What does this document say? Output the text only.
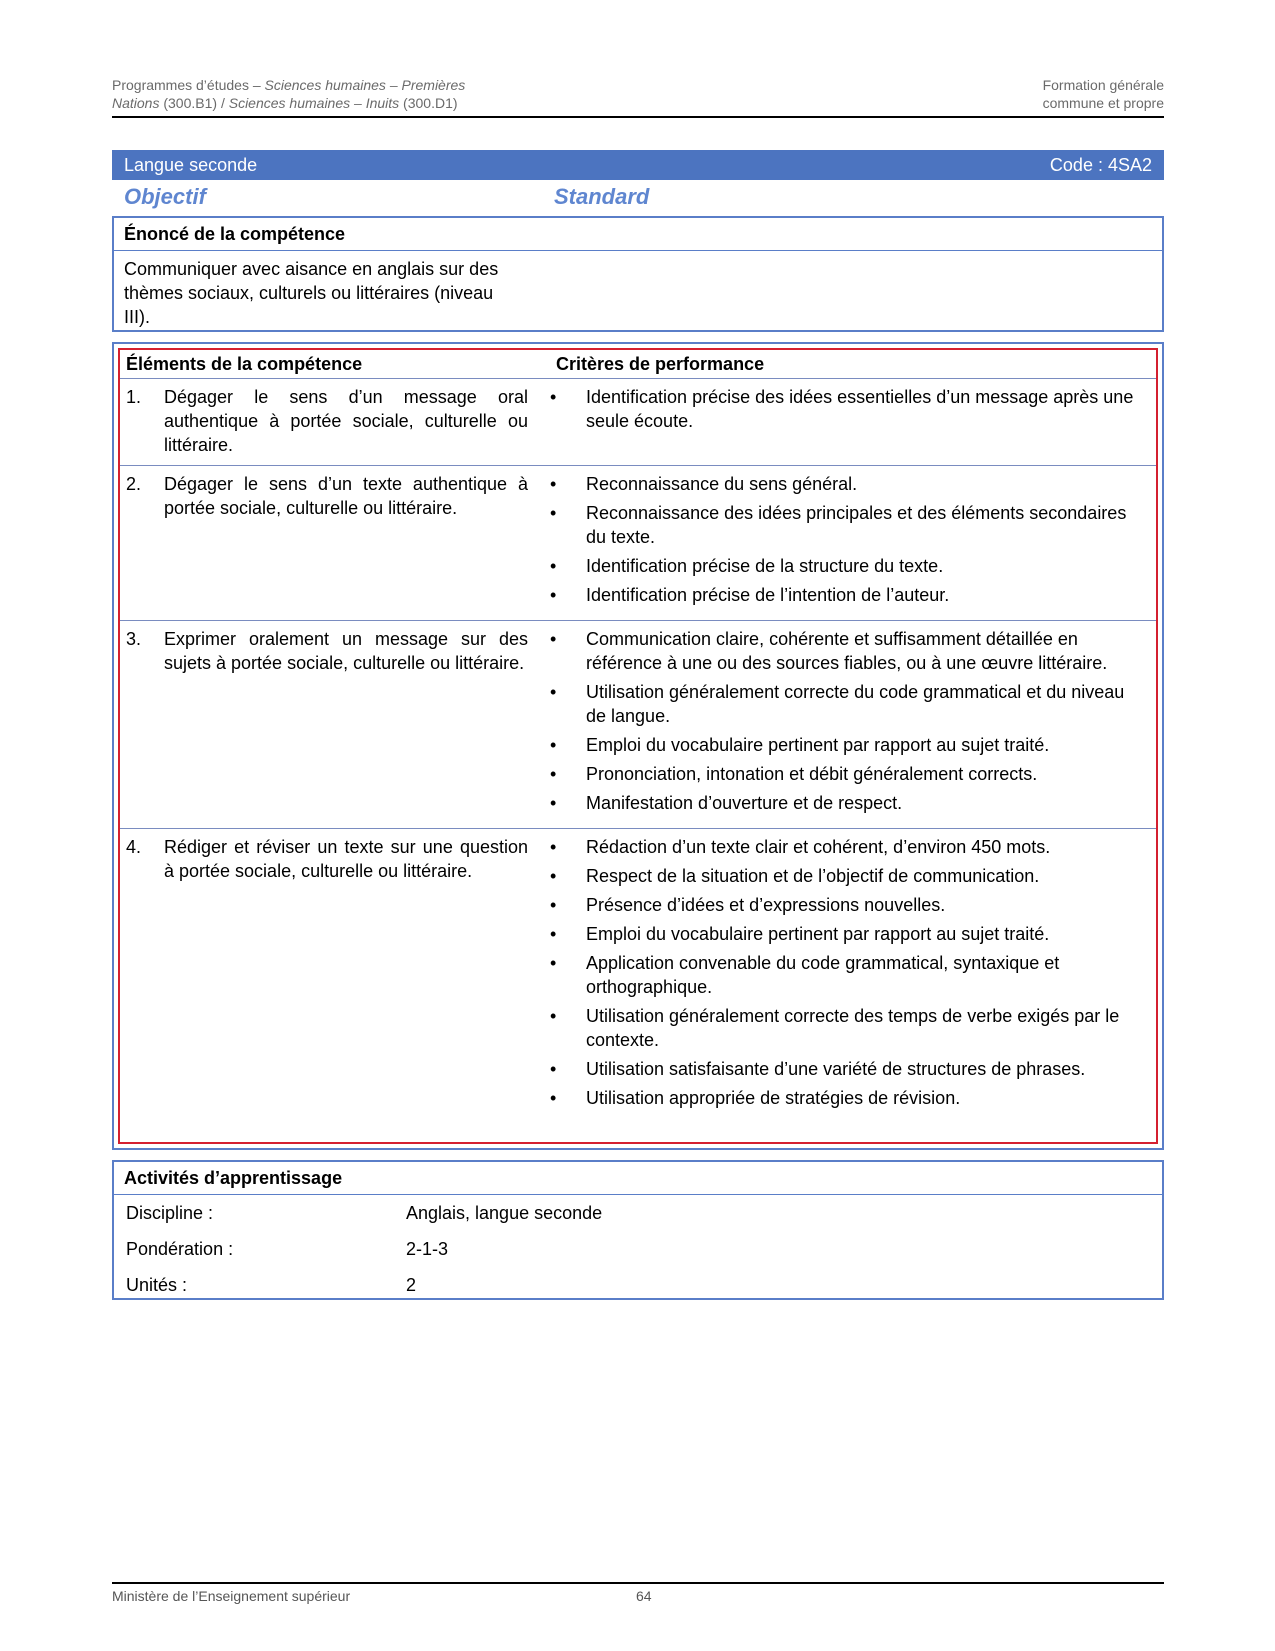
Programmes d’études – Sciences humaines – Premières	Formation générale
Nations (300.B1) / Sciences humaines – Inuits (300.D1)	commune et propre
Langue seconde	Code : 4SA2
Objectif	Standard
Énoncé de la compétence
Communiquer avec aisance en anglais sur des thèmes sociaux, culturels ou littéraires (niveau III).
Éléments de la compétence	Critères de performance
1.	Dégager le sens d’un message oral authentique à portée sociale, culturelle ou littéraire.
•	Identification précise des idées essentielles d’un message après une seule écoute.
2.	Dégager le sens d’un texte authentique à portée sociale, culturelle ou littéraire.
•	Reconnaissance du sens général.
•	Reconnaissance des idées principales et des éléments secondaires du texte.
•	Identification précise de la structure du texte.
•	Identification précise de l’intention de l’auteur.
3.	Exprimer oralement un message sur des sujets à portée sociale, culturelle ou littéraire.
•	Communication claire, cohérente et suffisamment détaillée en référence à une ou des sources fiables, ou à une œuvre littéraire.
•	Utilisation généralement correcte du code grammatical et du niveau de langue.
•	Emploi du vocabulaire pertinent par rapport au sujet traité.
•	Prononciation, intonation et débit généralement corrects.
•	Manifestation d’ouverture et de respect.
4.	Rédiger et réviser un texte sur une question à portée sociale, culturelle ou littéraire.
•	Rédaction d’un texte clair et cohérent, d’environ 450 mots.
•	Respect de la situation et de l’objectif de communication.
•	Présence d’idées et d’expressions nouvelles.
•	Emploi du vocabulaire pertinent par rapport au sujet traité.
•	Application convenable du code grammatical, syntaxique et orthographique.
•	Utilisation généralement correcte des temps de verbe exigés par le contexte.
•	Utilisation satisfaisante d’une variété de structures de phrases.
•	Utilisation appropriée de stratégies de révision.
Activités d’apprentissage
Discipline :	Anglais, langue seconde
Pondération :	2-1-3
Unités :	2
Ministère de l’Enseignement supérieur	64
